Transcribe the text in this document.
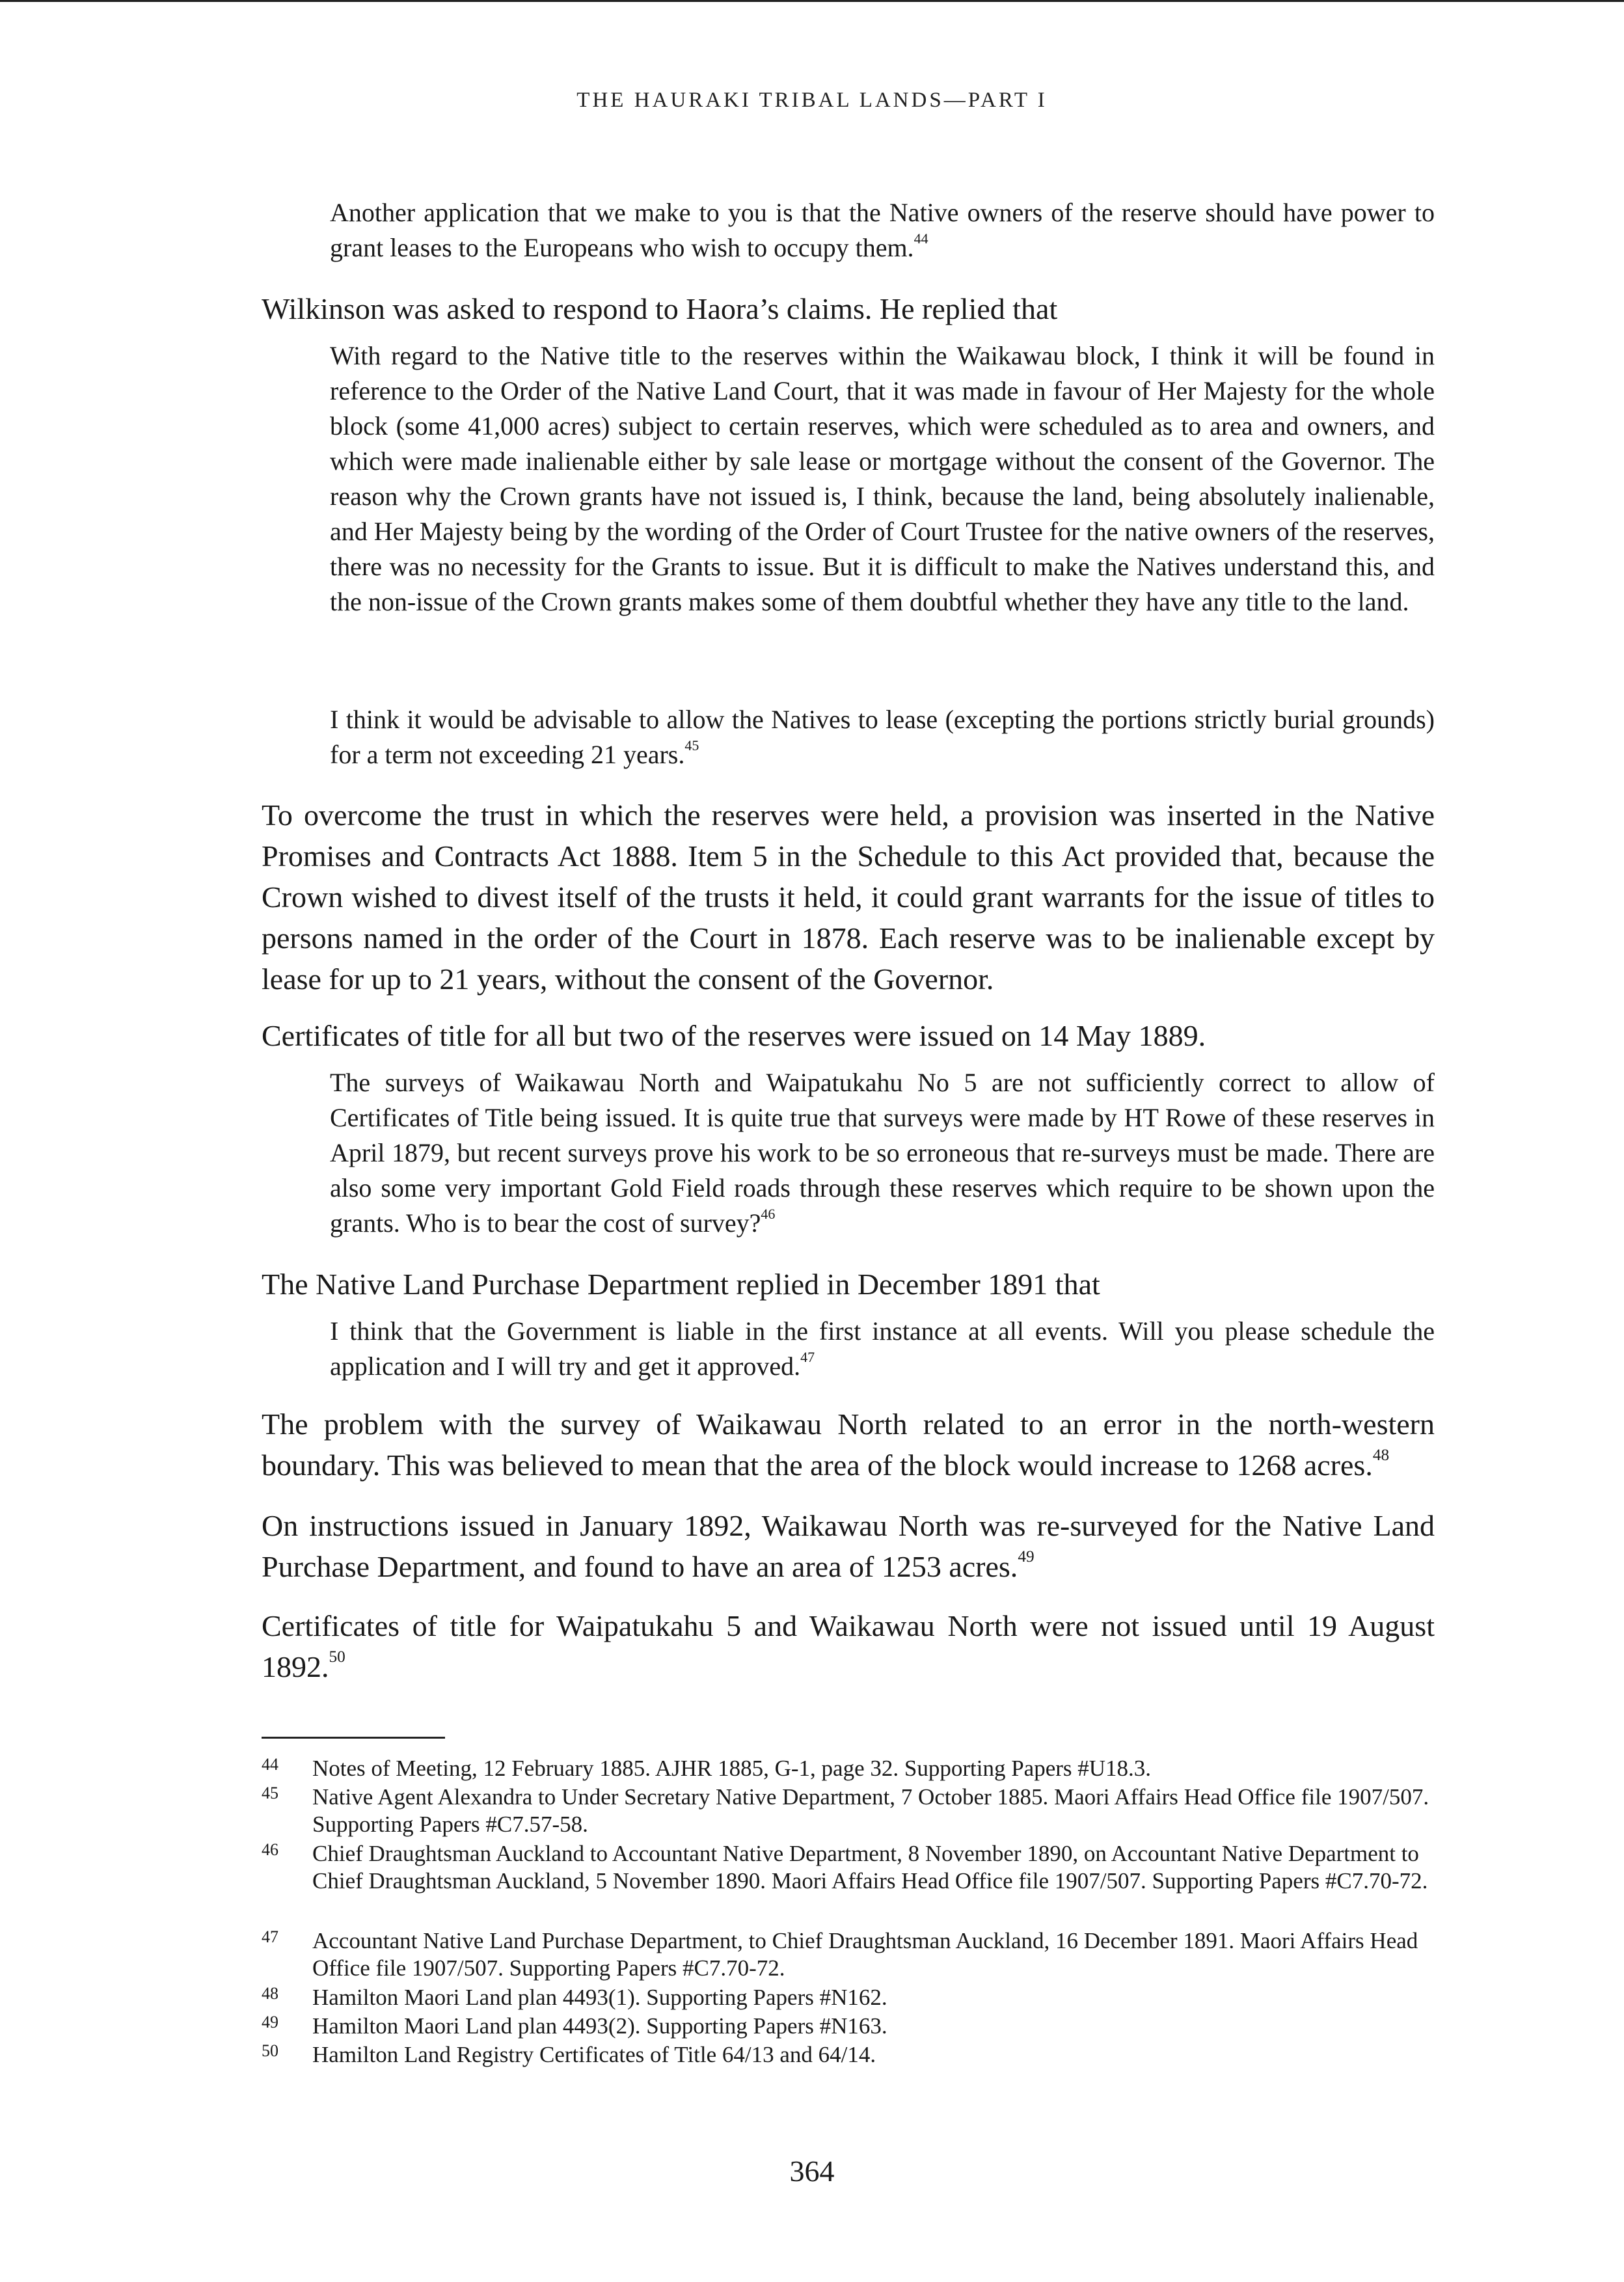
THE HAURAKI TRIBAL LANDS—PART I

Another application that we make to you is that the Native owners of the reserve should have power to grant leases to the Europeans who wish to occupy them.$^{44}$

Wilkinson was asked to respond to Haora’s claims. He replied that

With regard to the Native title to the reserves within the Waikawau block, I think it will be found in reference to the Order of the Native Land Court, that it was made in favour of Her Majesty for the whole block (some 41,000 acres) subject to certain reserves, which were scheduled as to area and owners, and which were made inalienable either by sale lease or mortgage without the consent of the Governor. The reason why the Crown grants have not issued is, I think, because the land, being absolutely inalienable, and Her Majesty being by the wording of the Order of Court Trustee for the native owners of the reserves, there was no necessity for the Grants to issue. But it is difficult to make the Natives understand this, and the non-issue of the Crown grants makes some of them doubtful whether they have any title to the land.

I think it would be advisable to allow the Natives to lease (excepting the portions strictly burial grounds) for a term not exceeding 21 years.$^{45}$

To overcome the trust in which the reserves were held, a provision was inserted in the Native Promises and Contracts Act 1888. Item 5 in the Schedule to this Act provided that, because the Crown wished to divest itself of the trusts it held, it could grant warrants for the issue of titles to persons named in the order of the Court in 1878. Each reserve was to be inalienable except by lease for up to 21 years, without the consent of the Governor.

Certificates of title for all but two of the reserves were issued on 14 May 1889.

The surveys of Waikawau North and Waipatukahu No 5 are not sufficiently correct to allow of Certificates of Title being issued. It is quite true that surveys were made by HT Rowe of these reserves in April 1879, but recent surveys prove his work to be so erroneous that re-surveys must be made. There are also some very important Gold Field roads through these reserves which require to be shown upon the grants. Who is to bear the cost of survey?$^{46}$

The Native Land Purchase Department replied in December 1891 that

I think that the Government is liable in the first instance at all events. Will you please schedule the application and I will try and get it approved.$^{47}$

The problem with the survey of Waikawau North related to an error in the north-western boundary. This was believed to mean that the area of the block would increase to 1268 acres.$^{48}$

On instructions issued in January 1892, Waikawau North was re-surveyed for the Native Land Purchase Department, and found to have an area of 1253 acres.$^{49}$

Certificates of title for Waipatukahu 5 and Waikawau North were not issued until 19 August 1892.50

44 Notes of Meeting, 12 February 1885. AJHR 1885, G-1, page 32. Supporting Papers #U18.3.
45 Native Agent Alexandra to Under Secretary Native Department, 7 October 1885. Maori Affairs Head Office file 1907/507. Supporting Papers #C7.57-58.
46 Chief Draughtsman Auckland to Accountant Native Department, 8 November 1890, on Accountant Native Department to Chief Draughtsman Auckland, 5 November 1890. Maori Affairs Head Office file 1907/507. Supporting Papers #C7.70-72.
47 Accountant Native Land Purchase Department, to Chief Draughtsman Auckland, 16 December 1891. Maori Affairs Head Office file 1907/507. Supporting Papers #C7.70-72.
48 Hamilton Maori Land plan 4493(1). Supporting Papers #N162.
49 Hamilton Maori Land plan 4493(2). Supporting Papers #N163.
50 Hamilton Land Registry Certificates of Title 64/13 and 64/14.
364
